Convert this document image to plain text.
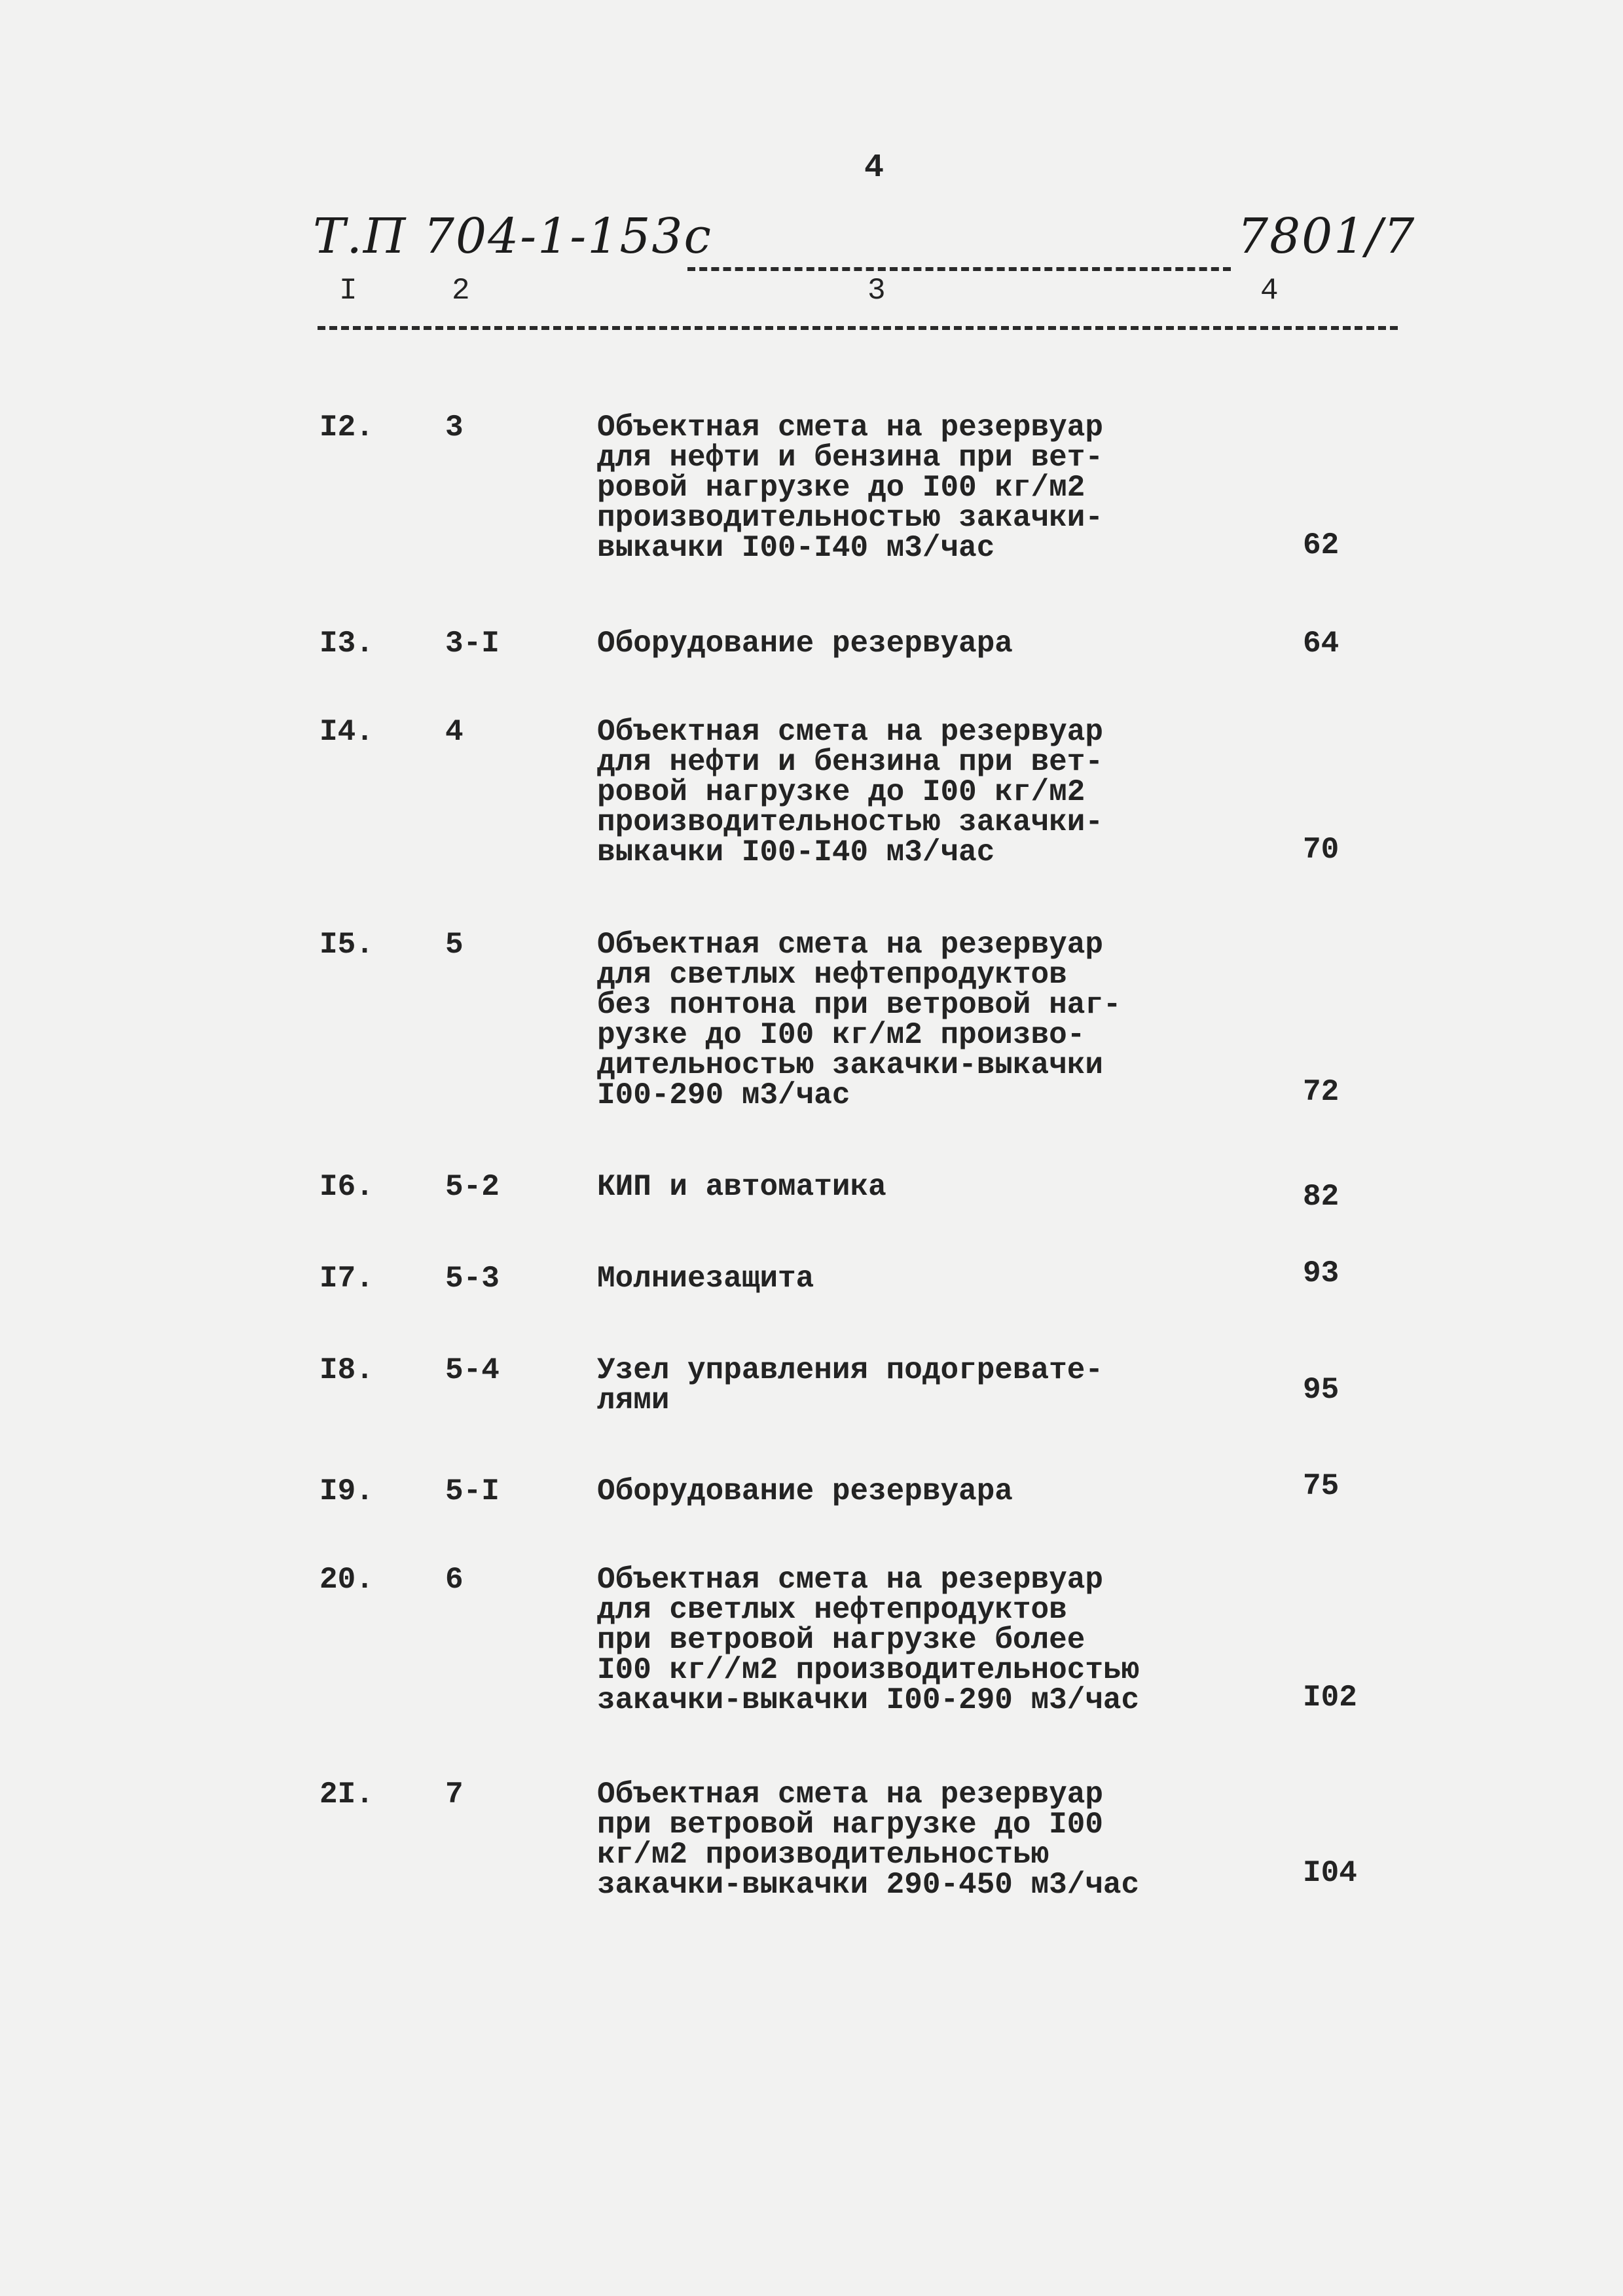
4
Т.П 704-1-153с	7801/7
I	2	3	4
I2. 3	Объектная смета на резервуар
для нефти и бензина при вет-
ровой нагрузке до I00 кг/м2
производительностью закачки-
выкачки I00-I40 м3/час	62
I3. 3-I	Оборудование резервуара	64
I4. 4	Объектная смета на резервуар
для нефти и бензина при вет-
ровой нагрузке до I00 кг/м2
производительностью закачки-
выкачки I00-I40 м3/час	70
I5. 5	Объектная смета на резервуар
для светлых нефтепродуктов
без понтона при ветровой наг-
рузке до I00 кг/м2 произво-
дительностью закачки-выкачки
I00-290 м3/час	72
I6. 5-2	КИП и автоматика	82
I7. 5-3	Молниезащита	93
I8. 5-4	Узел управления подогревате-
лями	95
I9. 5-I	Оборудование резервуара	75
20. 6	Объектная смета на резервуар
для светлых нефтепродуктов
при ветровой нагрузке более
I00 кг//м2 производительностью
закачки-выкачки I00-290 м3/час	I02
2I. 7	Объектная смета на резервуар
при ветровой нагрузке до I00
кг/м2 производительностью
закачки-выкачки 290-450 м3/час	I04
